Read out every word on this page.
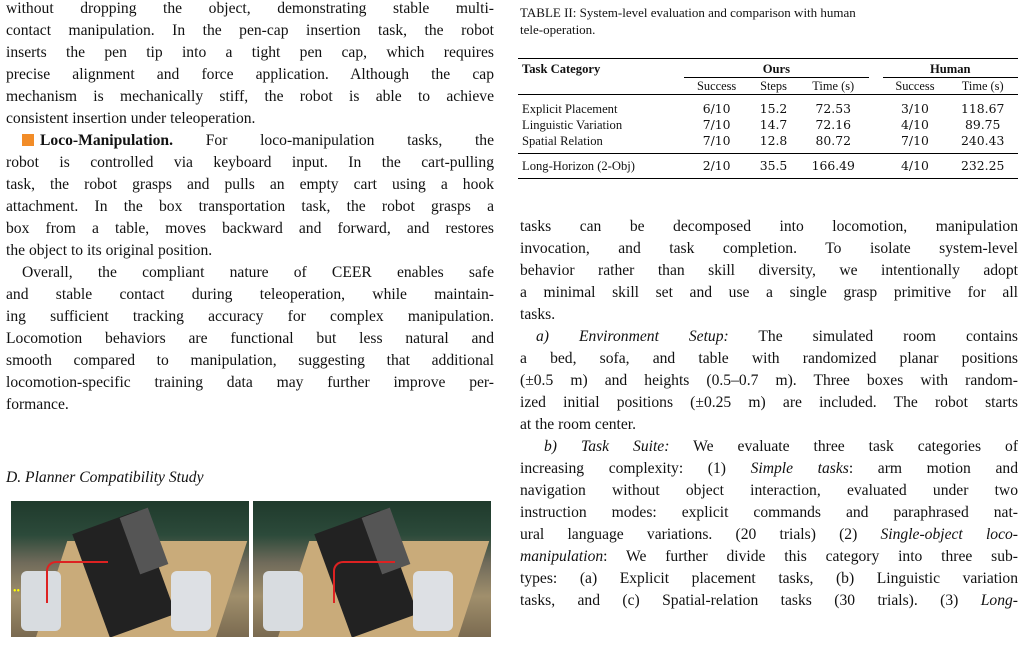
without dropping the object, demonstrating stable multi-
contact manipulation. In the pen-cap insertion task, the robot
inserts the pen tip into a tight pen cap, which requires
precise alignment and force application. Although the cap
mechanism is mechanically stiff, the robot is able to achieve
consistent insertion under teleoperation.
Loco-Manipulation. For loco-manipulation tasks, the
robot is controlled via keyboard input. In the cart-pulling
task, the robot grasps and pulls an empty cart using a hook
attachment. In the box transportation task, the robot grasps a
box from a table, moves backward and forward, and restores
the object to its original position.
Overall, the compliant nature of CEER enables safe
and stable contact during teleoperation, while maintain-
ing sufficient tracking accuracy for complex manipulation.
Locomotion behaviors are functional but less natural and
smooth compared to manipulation, suggesting that additional
locomotion-specific training data may further improve per-
formance.
D. Planner Compatibility Study
••
TABLE II: System-level evaluation and comparison with human
tele-operation.
Task Category	Ours				Human	
	Success	Steps	Time (s)		Success	Time (s)
Explicit Placement	6/10	15.2	72.53		3/10	118.67
Linguistic Variation	7/10	14.7	72.16		4/10	89.75
Spatial Relation	7/10	12.8	80.72		7/10	240.43
Long-Horizon (2-Obj)	2/10	35.5	166.49		4/10	232.25
tasks can be decomposed into locomotion, manipulation
invocation, and task completion. To isolate system-level
behavior rather than skill diversity, we intentionally adopt
a minimal skill set and use a single grasp primitive for all
tasks.
a) Environment Setup: The simulated room contains
a bed, sofa, and table with randomized planar positions
(±0.5 m) and heights (0.5–0.7 m). Three boxes with random-
ized initial positions (±0.25 m) are included. The robot starts
at the room center.
b) Task Suite: We evaluate three task categories of
increasing complexity: (1) Simple tasks: arm motion and
navigation without object interaction, evaluated under two
instruction modes: explicit commands and paraphrased nat-
ural language variations. (20 trials) (2) Single-object loco-
manipulation: We further divide this category into three sub-
types: (a) Explicit placement tasks, (b) Linguistic variation
tasks, and (c) Spatial-relation tasks (30 trials). (3) Long-
